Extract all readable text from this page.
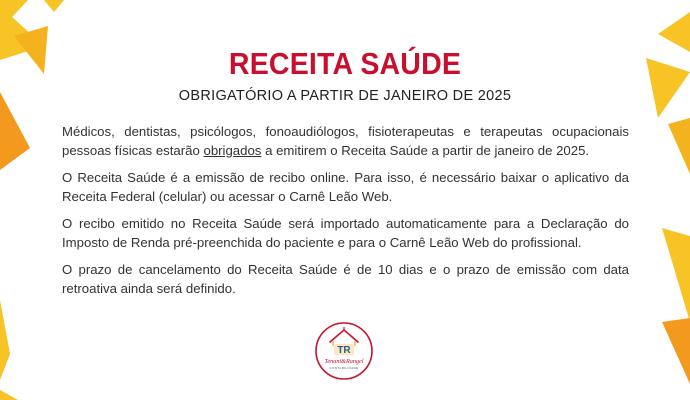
RECEITA SAÚDE
OBRIGATÓRIO A PARTIR DE JANEIRO DE 2025

Médicos, dentistas, psicólogos, fonoaudiólogos, fisioterapeutas e terapeutas ocupacionais pessoas físicas estarão obrigados a emitirem o Receita Saúde a partir de janeiro de 2025.

O Receita Saúde é a emissão de recibo online. Para isso, é necessário baixar o aplicativo da Receita Federal (celular) ou acessar o Carnê Leão Web.

O recibo emitido no Receita Saúde será importado automaticamente para a Declaração do Imposto de Renda pré-preenchida do paciente e para o Carnê Leão Web do profissional.

O prazo de cancelamento do Receita Saúde é de 10 dias e o prazo de emissão com data retroativa ainda será definido.

TR
Tenani&Rangel
CONTABILIDADE
